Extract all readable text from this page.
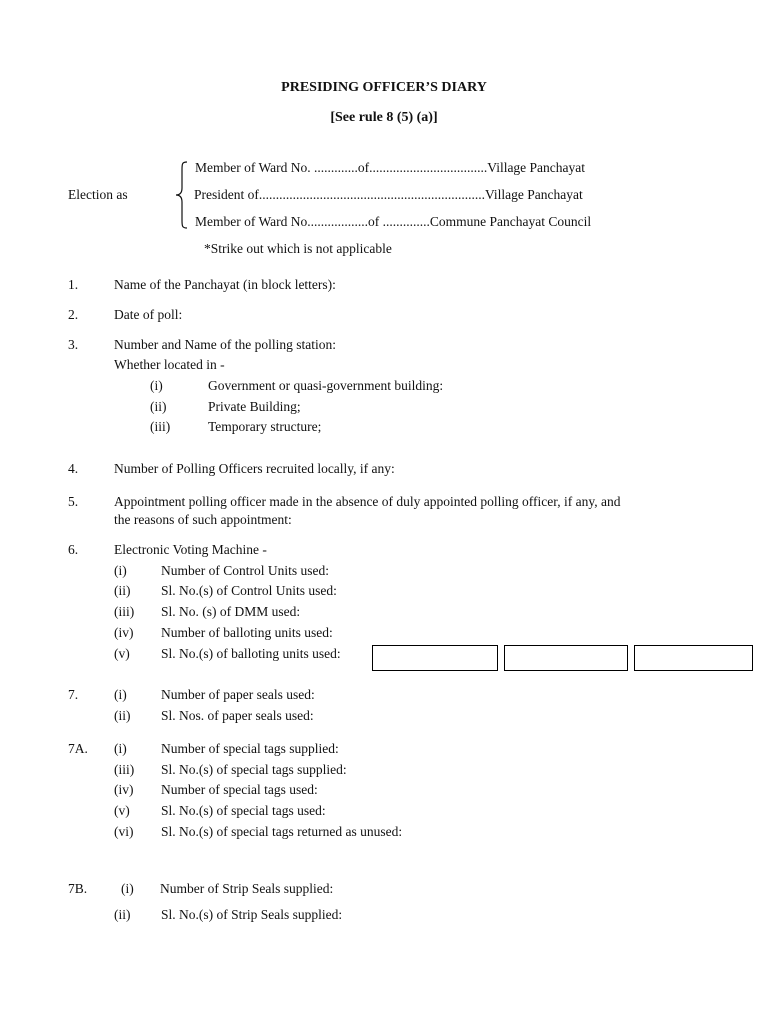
PRESIDING OFFICER’S DIARY
[See rule 8 (5) (a)]
Election as
Member of Ward No. .............of...................................Village Panchayat
President of...................................................................Village Panchayat
Member of Ward No..................of ..............Commune Panchayat Council
*Strike out which is not applicable
1.	Name of the Panchayat (in block letters):
2.	Date of poll:
3.	Number and Name of the polling station:
Whether located in -
(i)	Government or quasi-government building:
(ii)	Private Building;
(iii)	Temporary structure;
4.	Number of Polling Officers recruited locally, if any:
5.	Appointment polling officer made in the absence of duly appointed polling officer, if any, and
the reasons of such appointment:
6.	Electronic Voting Machine -
(i)	Number of Control Units used:
(ii) Sl. No.(s) of Control Units used:
(iii) Sl. No. (s) of DMM used:
(iv) Number of balloting units used:
(v) Sl. No.(s) of balloting units used:
7.	(i)	Number of paper seals used:
(ii) Sl. Nos. of paper seals used:
7A. (i)	Number of special tags supplied:
(iii) Sl. No.(s) of special tags supplied:
(iv) Number of special tags used:
(v) Sl. No.(s) of special tags used:
(vi) Sl. No.(s) of special tags returned as unused:
7B.	(i) Number of Strip Seals supplied:
(ii) Sl. No.(s) of Strip Seals supplied:
